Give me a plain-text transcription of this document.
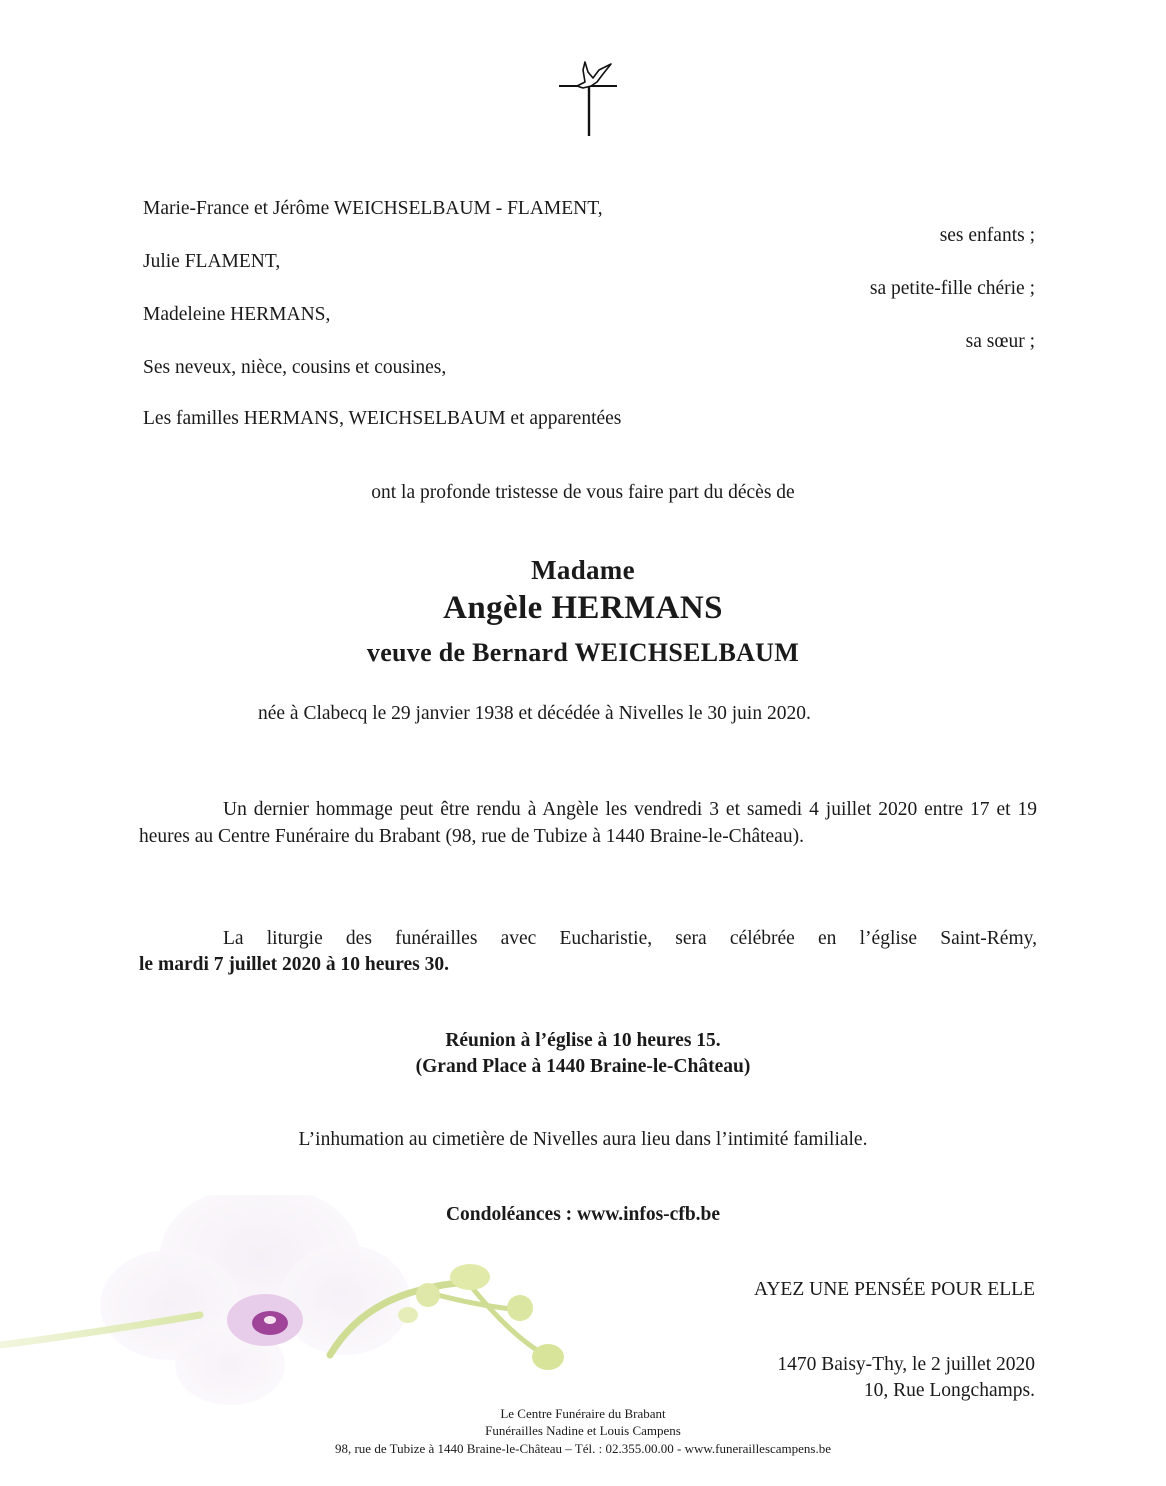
Marie-France et Jérôme WEICHSELBAUM - FLAMENT,
ses enfants ;
Julie FLAMENT,
sa petite-fille chérie ;
Madeleine HERMANS,
sa sœur ;
Ses neveux, nièce, cousins et cousines,
Les familles HERMANS, WEICHSELBAUM et apparentées
ont la profonde tristesse de vous faire part du décès de
Madame
Angèle HERMANS
veuve de Bernard WEICHSELBAUM
née à Clabecq le 29 janvier 1938 et décédée à Nivelles le 30 juin 2020.
Un dernier hommage peut être rendu à Angèle les vendredi 3 et samedi 4 juillet 2020 entre 17 et 19 heures au Centre Funéraire du Brabant (98, rue de Tubize à 1440 Braine-le-Château).
La liturgie des funérailles avec Eucharistie, sera célébrée en l’église Saint-Rémy,
le mardi 7 juillet 2020 à 10 heures 30.
Réunion à l’église à 10 heures 15.
(Grand Place à 1440 Braine-le-Château)
L’inhumation au cimetière de Nivelles aura lieu dans l’intimité familiale.
Condoléances : www.infos-cfb.be
AYEZ UNE PENSÉE POUR ELLE
1470 Baisy-Thy, le 2 juillet 2020
10, Rue Longchamps.
Le Centre Funéraire du Brabant
Funérailles Nadine et Louis Campens
98, rue de Tubize à 1440 Braine-le-Château – Tél. : 02.355.00.00 - www.funeraillescampens.be
